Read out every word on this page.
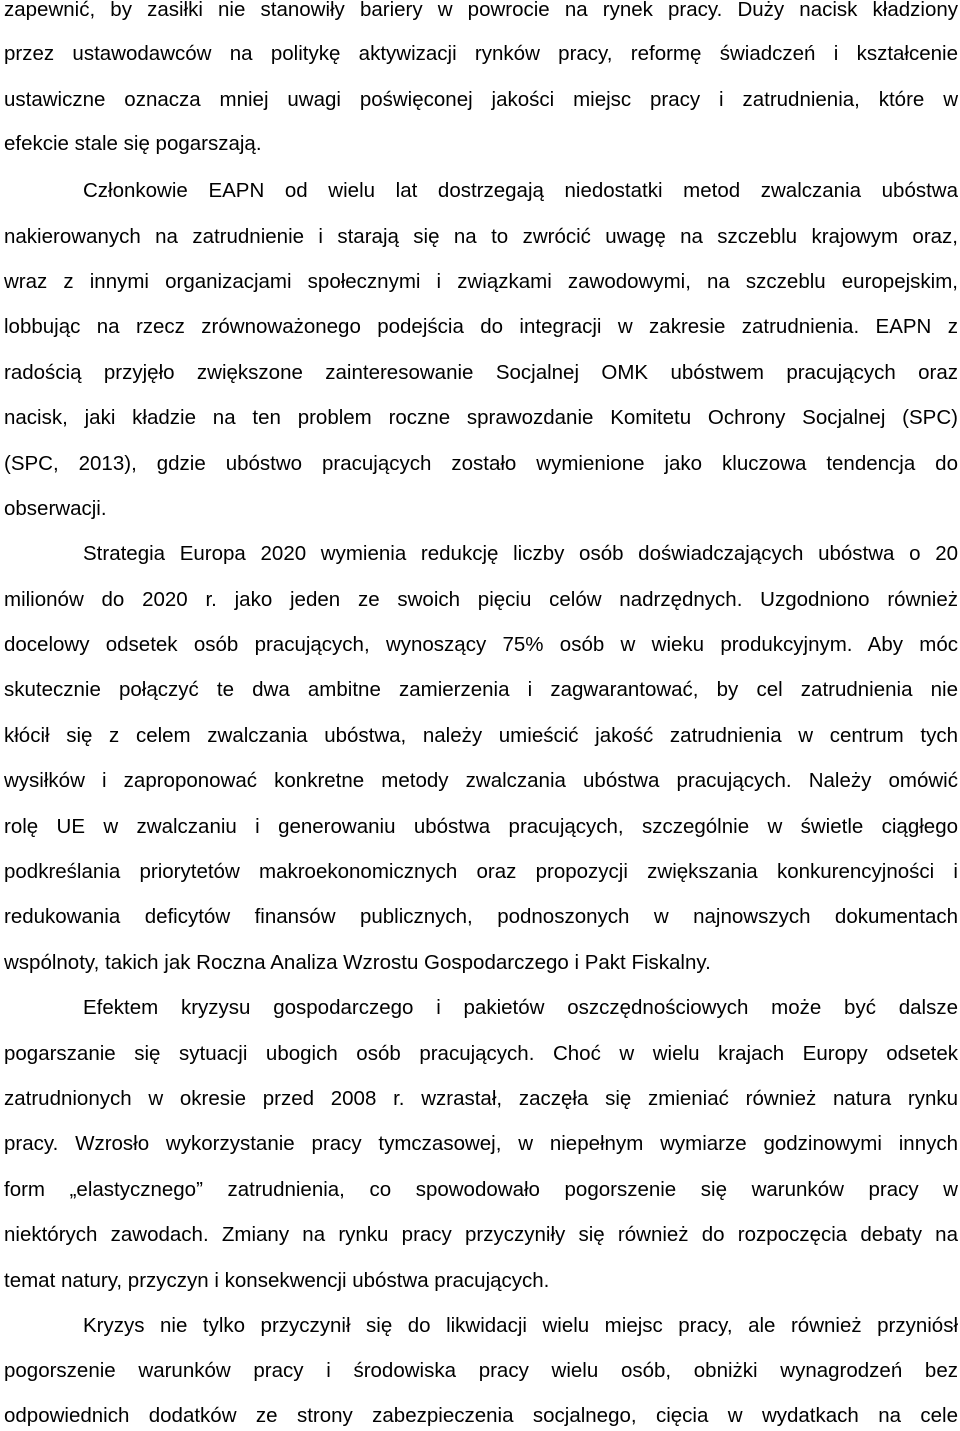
zapewnić, by zasiłki nie stanowiły bariery w powrocie na rynek pracy. Duży nacisk kładziony
przez ustawodawców na politykę aktywizacji rynków pracy, reformę świadczeń i kształcenie
ustawiczne oznacza mniej uwagi poświęconej jakości miejsc pracy i zatrudnienia, które w
efekcie stale się pogarszają.
Członkowie EAPN od wielu lat dostrzegają niedostatki metod zwalczania ubóstwa
nakierowanych na zatrudnienie i starają się na to zwrócić uwagę na szczeblu krajowym oraz,
wraz z innymi organizacjami społecznymi i związkami zawodowymi, na szczeblu europejskim,
lobbując na rzecz zrównoważonego podejścia do integracji w zakresie zatrudnienia. EAPN z
radością przyjęło zwiększone zainteresowanie Socjalnej OMK ubóstwem pracujących oraz
nacisk, jaki kładzie na ten problem roczne sprawozdanie Komitetu Ochrony Socjalnej (SPC)
(SPC, 2013), gdzie ubóstwo pracujących zostało wymienione jako kluczowa tendencja do
obserwacji.
Strategia Europa 2020 wymienia redukcję liczby osób doświadczających ubóstwa o 20
milionów do 2020 r. jako jeden ze swoich pięciu celów nadrzędnych. Uzgodniono również
docelowy odsetek osób pracujących, wynoszący 75% osób w wieku produkcyjnym. Aby móc
skutecznie połączyć te dwa ambitne zamierzenia i zagwarantować, by cel zatrudnienia nie
kłócił się z celem zwalczania ubóstwa, należy umieścić jakość zatrudnienia w centrum tych
wysiłków i zaproponować konkretne metody zwalczania ubóstwa pracujących. Należy omówić
rolę UE w zwalczaniu i generowaniu ubóstwa pracujących, szczególnie w świetle ciągłego
podkreślania priorytetów makroekonomicznych oraz propozycji zwiększania konkurencyjności i
redukowania deficytów finansów publicznych, podnoszonych w najnowszych dokumentach
wspólnoty, takich jak Roczna Analiza Wzrostu Gospodarczego i Pakt Fiskalny.
Efektem kryzysu gospodarczego i pakietów oszczędnościowych może być dalsze
pogarszanie się sytuacji ubogich osób pracujących. Choć w wielu krajach Europy odsetek
zatrudnionych w okresie przed 2008 r. wzrastał, zaczęła się zmieniać również natura rynku
pracy. Wzrosło wykorzystanie pracy tymczasowej, w niepełnym wymiarze godzinowymi innych
form „elastycznego” zatrudnienia, co spowodowało pogorszenie się warunków pracy w
niektórych zawodach. Zmiany na rynku pracy przyczyniły się również do rozpoczęcia debaty na
temat natury, przyczyn i konsekwencji ubóstwa pracujących.
Kryzys nie tylko przyczynił się do likwidacji wielu miejsc pracy, ale również przyniósł
pogorszenie warunków pracy i środowiska pracy wielu osób, obniżki wynagrodzeń bez
odpowiednich dodatków ze strony zabezpieczenia socjalnego, cięcia w wydatkach na cele
